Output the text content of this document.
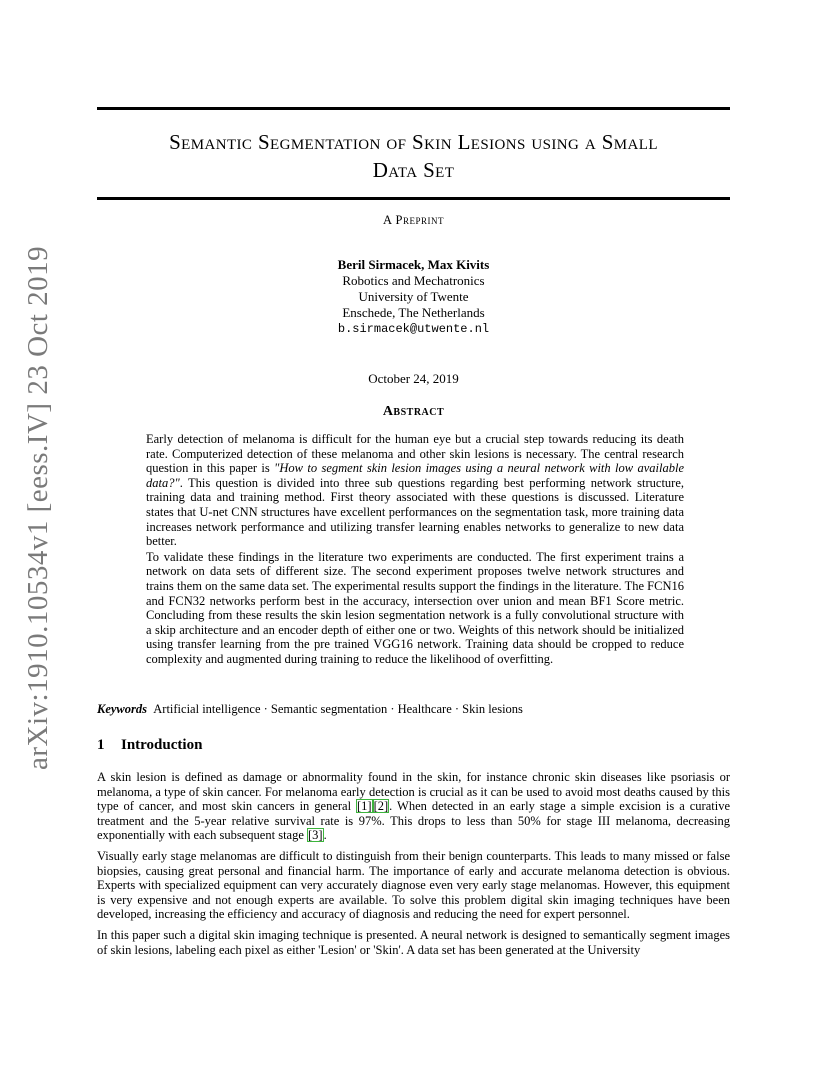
arXiv:1910.10534v1 [eess.IV] 23 Oct 2019
Semantic Segmentation of Skin Lesions using a Small
Data Set
A Preprint
Beril Sirmacek, Max Kivits
Robotics and Mechatronics
University of Twente
Enschede, The Netherlands
b.sirmacek@utwente.nl
October 24, 2019
Abstract

Early detection of melanoma is difficult for the human eye but a crucial step towards reducing its death rate. Computerized detection of these melanoma and other skin lesions is necessary. The central research question in this paper is "How to segment skin lesion images using a neural network with low available data?". This question is divided into three sub questions regarding best performing network structure, training data and training method. First theory associated with these questions is discussed. Literature states that U-net CNN structures have excellent performances on the segmentation task, more training data increases network performance and utilizing transfer learning enables networks to generalize to new data better.

To validate these findings in the literature two experiments are conducted. The first experiment trains a network on data sets of different size. The second experiment proposes twelve network structures and trains them on the same data set. The experimental results support the findings in the literature. The FCN16 and FCN32 networks perform best in the accuracy, intersection over union and mean BF1 Score metric. Concluding from these results the skin lesion segmentation network is a fully convolutional structure with a skip architecture and an encoder depth of either one or two. Weights of this network should be initialized using transfer learning from the pre trained VGG16 network. Training data should be cropped to reduce complexity and augmented during training to reduce the likelihood of overfitting.

Keywords Artificial intelligence · Semantic segmentation · Healthcare · Skin lesions
1 Introduction

A skin lesion is defined as damage or abnormality found in the skin, for instance chronic skin diseases like psoriasis or melanoma, a type of skin cancer. For melanoma early detection is crucial as it can be used to avoid most deaths caused by this type of cancer, and most skin cancers in general [1] [2]. When detected in an early stage a simple excision is a curative treatment and the 5-year relative survival rate is 97%. This drops to less than 50% for stage III melanoma, decreasing exponentially with each subsequent stage [3].

Visually early stage melanomas are difficult to distinguish from their benign counterparts. This leads to many missed or false biopsies, causing great personal and financial harm. The importance of early and accurate melanoma detection is obvious. Experts with specialized equipment can very accurately diagnose even very early stage melanomas. However, this equipment is very expensive and not enough experts are available. To solve this problem digital skin imaging techniques have been developed, increasing the efficiency and accuracy of diagnosis and reducing the need for expert personnel.

In this paper such a digital skin imaging technique is presented. A neural network is designed to semantically segment images of skin lesions, labeling each pixel as either 'Lesion' or 'Skin'. A data set has been generated at the University
